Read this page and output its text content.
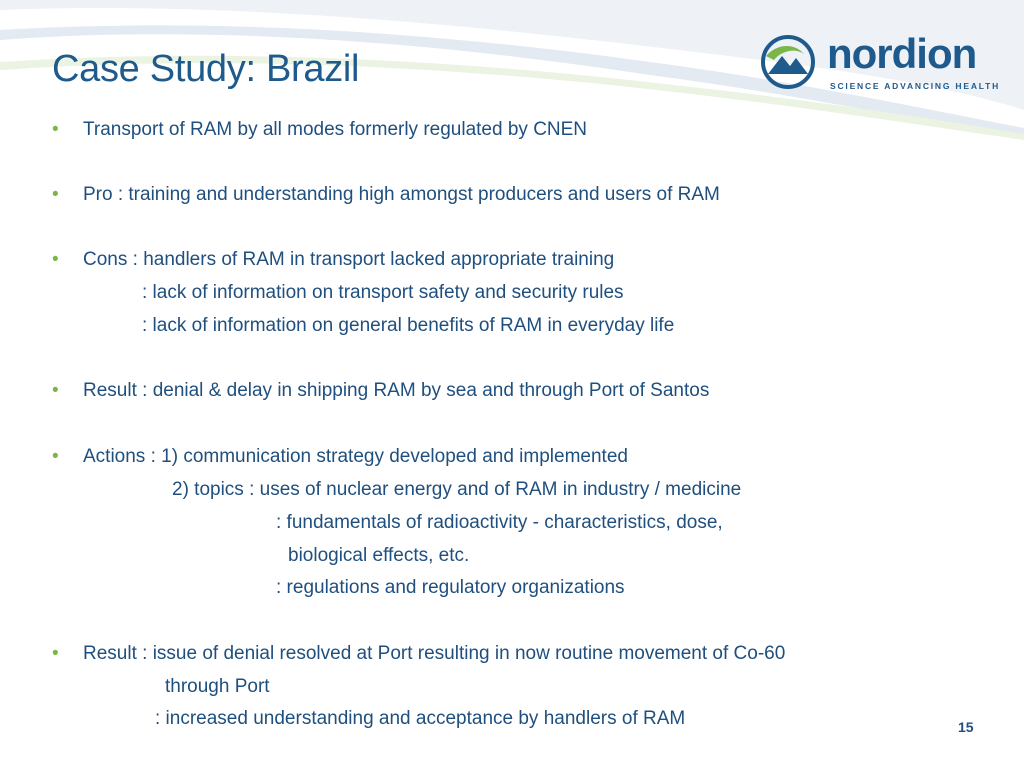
Case Study: Brazil	nordion
SCIENCE ADVANCING HEALTH
• Transport of RAM by all modes formerly regulated by CNEN
• Pro : training and understanding high amongst producers and users of RAM
• Cons : handlers of RAM in transport lacked appropriate training
: lack of information on transport safety and security rules
: lack of information on general benefits of RAM in everyday life
• Result : denial & delay in shipping RAM by sea and through Port of Santos
• Actions : 1) communication strategy developed and implemented
2) topics : uses of nuclear energy and of RAM in industry / medicine
: fundamentals of radioactivity - characteristics, dose,
biological effects, etc.
: regulations and regulatory organizations
• Result : issue of denial resolved at Port resulting in now routine movement of Co-60
through Port
: increased understanding and acceptance by handlers of RAM	15
